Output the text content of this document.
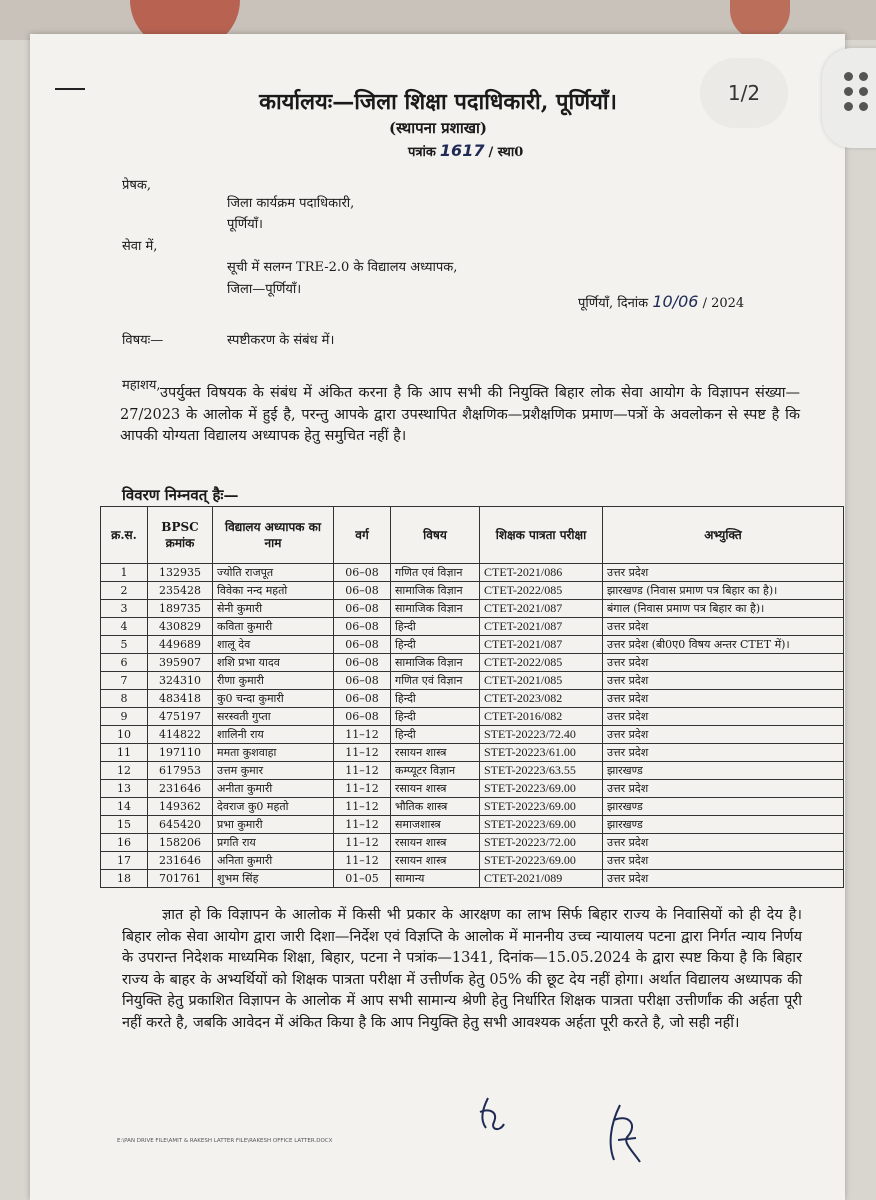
कार्यालयः—जिला शिक्षा पदाधिकारी, पूर्णियाँ।
(स्थापना प्रशाखा)
पत्रांक 1617 / स्था0
1/2
प्रेषक,
जिला कार्यक्रम पदाधिकारी,
पूर्णियाँ।
सेवा में,
सूची में सलग्न TRE-2.0 के विद्यालय अध्यापक,
जिला—पूर्णियाँ।
पूर्णियाँ, दिनांक 10/06 / 2024
विषयः—	स्पष्टीकरण के संबंध में।
महाशय, उपर्युक्त विषयक के संबंध में अंकित करना है कि आप सभी की नियुक्ति बिहार लोक सेवा आयोग के विज्ञापन संख्या—27/2023 के आलोक में हुई है, परन्तु आपके द्वारा उपस्थापित शैक्षणिक—प्रशैक्षणिक प्रमाण—पत्रों के अवलोकन से स्पष्ट है कि आपकी योग्यता विद्यालय अध्यापक हेतु समुचित नहीं है।
विवरण निम्नवत् हैः—
क्र.स.	BPSC क्रमांक	विद्यालय अध्यापक का नाम	वर्ग	विषय	शिक्षक पात्रता परीक्षा	अभ्युक्ति
1	132935	ज्योति राजपूत	06–08	गणित एवं विज्ञान	CTET-2021/086	उत्तर प्रदेश
2	235428	विवेका नन्द महतो	06–08	सामाजिक विज्ञान	CTET-2022/085	झारखण्ड (निवास प्रमाण पत्र बिहार का है)।
3	189735	सेनी कुमारी	06–08	सामाजिक विज्ञान	CTET-2021/087	बंगाल (निवास प्रमाण पत्र बिहार का है)।
4	430829	कविता कुमारी	06–08	हिन्दी	CTET-2021/087	उत्तर प्रदेश
5	449689	शालू देव	06–08	हिन्दी	CTET-2021/087	उत्तर प्रदेश (बी0ए0 विषय अन्तर CTET में)।
6	395907	शशि प्रभा यादव	06–08	सामाजिक विज्ञान	CTET-2022/085	उत्तर प्रदेश
7	324310	रीणा कुमारी	06–08	गणित एवं विज्ञान	CTET-2021/085	उत्तर प्रदेश
8	483418	कु0 चन्दा कुमारी	06–08	हिन्दी	CTET-2023/082	उत्तर प्रदेश
9	475197	सरस्वती गुप्ता	06–08	हिन्दी	CTET-2016/082	उत्तर प्रदेश
10	414822	शालिनी राय	11–12	हिन्दी	STET-20223/72.40	उत्तर प्रदेश
11	197110	ममता कुशवाहा	11–12	रसायन शास्त्र	STET-20223/61.00	उत्तर प्रदेश
12	617953	उत्तम कुमार	11–12	कम्प्यूटर विज्ञान	STET-20223/63.55	झारखण्ड
13	231646	अनीता कुमारी	11–12	रसायन शास्त्र	STET-20223/69.00	उत्तर प्रदेश
14	149362	देवराज कु0 महतो	11–12	भौतिक शास्त्र	STET-20223/69.00	झारखण्ड
15	645420	प्रभा कुमारी	11–12	समाजशास्त्र	STET-20223/69.00	झारखण्ड
16	158206	प्रगति राय	11–12	रसायन शास्त्र	STET-20223/72.00	उत्तर प्रदेश
17	231646	अनिता कुमारी	11–12	रसायन शास्त्र	STET-20223/69.00	उत्तर प्रदेश
18	701761	शुभम सिंह	01–05	सामान्य	CTET-2021/089	उत्तर प्रदेश
ज्ञात हो कि विज्ञापन के आलोक में किसी भी प्रकार के आरक्षण का लाभ सिर्फ बिहार राज्य के निवासियों को ही देय है। बिहार लोक सेवा आयोग द्वारा जारी दिशा—निर्देश एवं विज्ञप्ति के आलोक में माननीय उच्च न्यायालय पटना द्वारा निर्गत न्याय निर्णय के उपरान्त निदेशक माध्यमिक शिक्षा, बिहार, पटना ने पत्रांक—1341, दिनांक—15.05.2024 के द्वारा स्पष्ट किया है कि बिहार राज्य के बाहर के अभ्यर्थियों को शिक्षक पात्रता परीक्षा में उत्तीर्णक हेतु 05% की छूट देय नहीं होगा। अर्थात विद्यालय अध्यापक की नियुक्ति हेतु प्रकाशित विज्ञापन के आलोक में आप सभी सामान्य श्रेणी हेतु निर्धारित शिक्षक पात्रता परीक्षा उत्तीर्णांक की अर्हता पूरी नहीं करते है, जबकि आवेदन में अंकित किया है कि आप नियुक्ति हेतु सभी आवश्यक अर्हता पूरी करते है, जो सही नहीं।
E:\PAN DRIVE FILE\AMIT & RAKESH LATTER FILE\RAKESH OFFICE LATTER.DOCX
